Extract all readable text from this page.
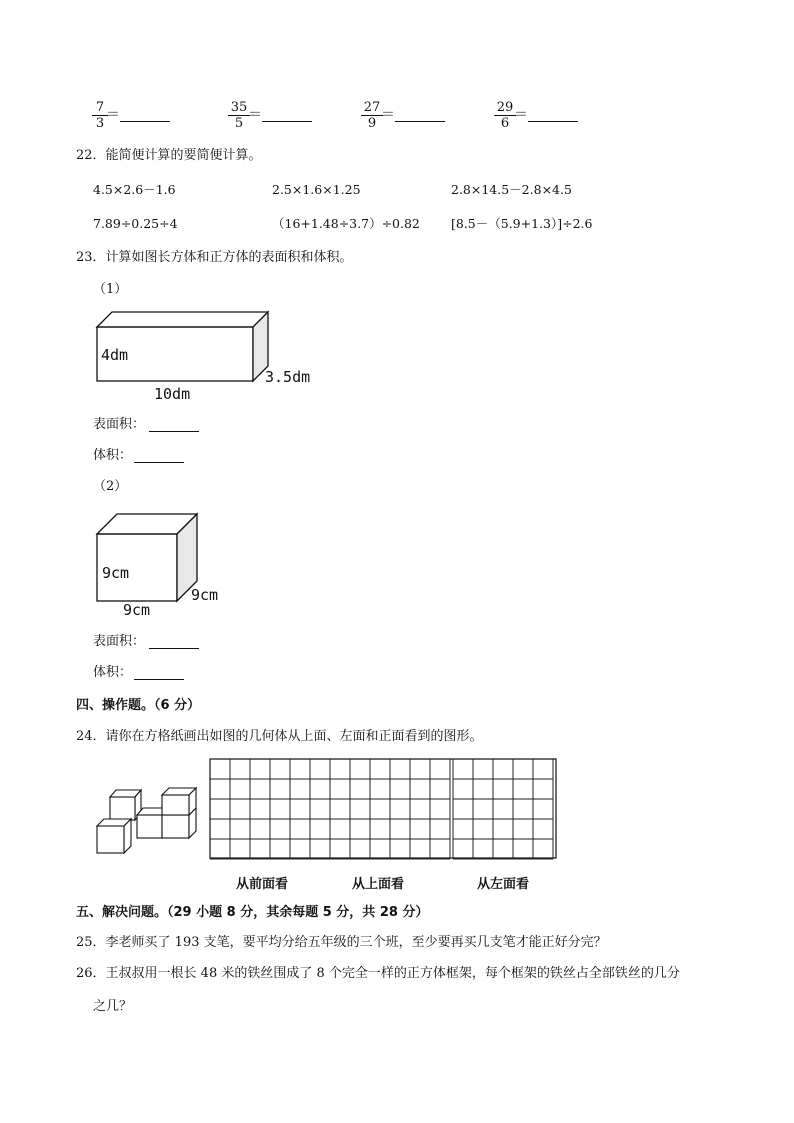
$\frac{7}{3}$
＝	$\frac{35}{5}$
＝	$\frac{27}{9}$
＝	$\frac{29}{6}$
＝
22．能简便计算的要简便计算。
4.5×2.6－1.6	2.5×1.6×1.25	2.8×14.5－2.8×4.5
7.89÷0.25÷4	（16+1.48÷3.7）÷0.82 [8.5－（5.9+1.3）]÷2.6
23．计算如图长方体和正方体的表面积和体积。
（1）
4dm
10dm
3.5dm
表面积：
体积：
（2）
9cm
9cm
9cm
表面积：
体积：
四、操作题。（6 分）
24．请你在方格纸画出如图的几何体从上面、左面和正面看到的图形。
从前面看	从上面看	从左面看
五、解决问题。（29 小题 8 分，其余每题 5 分，共 28 分）
25．李老师买了 193 支笔，要平均分给五年级的三个班，至少要再买几支笔才能正好分完？
26．王叔叔用一根长 48 米的铁丝围成了 8 个完全一样的正方体框架，每个框架的铁丝占全部铁丝的几分
之几？
